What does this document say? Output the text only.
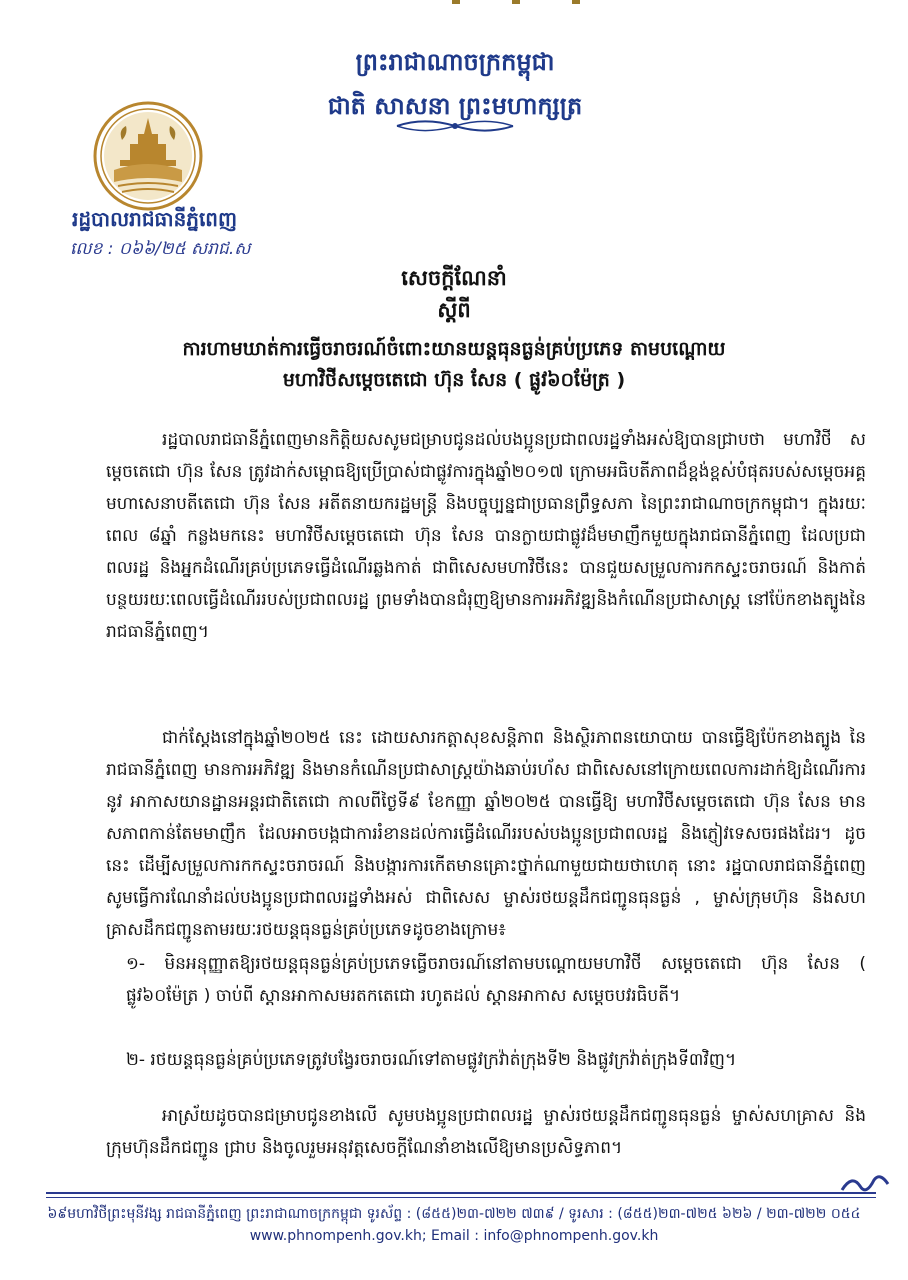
ព្រះរាជាណាចក្រកម្ពុជា
ជាតិ សាសនា ព្រះមហាក្សត្រ
រដ្ឋបាលរាជធានីភ្នំពេញ
លេខ : ០៦៦/២៥ សរាជ.ស
សេចក្តីណែនាំ
ស្តីពី
ការហាមឃាត់ការធ្វើចរាចរណ៍ចំពោះយានយន្តធុនធ្ងន់គ្រប់ប្រភេទ តាមបណ្តោយ
មហាវិថីសម្តេចតេជោ ហ៊ុន សែន ( ផ្លូវ៦០ម៉ែត្រ )
រដ្ឋបាលរាជធានីភ្នំពេញមានកិត្តិយសសូមជម្រាបជូនដល់បងប្អូនប្រជាពលរដ្ឋទាំងអស់ឱ្យបានជ្រាបថា មហាវិថី សម្តេចតេជោ ហ៊ុន សែន ត្រូវដាក់សម្ពោធឱ្យប្រើប្រាស់ជាផ្លូវការក្នុងឆ្នាំ២០១៧ ក្រោមអធិបតីភាពដ៏ខ្ពង់ខ្ពស់បំផុតរបស់សម្តេចអគ្គមហាសេនាបតីតេជោ ហ៊ុន សែន អតីតនាយករដ្ឋមន្ត្រី និងបច្ចុប្បន្នជាប្រធានព្រឹទ្ធសភា នៃព្រះរាជាណាចក្រកម្ពុជា។ ក្នុងរយៈពេល ៨ឆ្នាំ កន្លងមកនេះ មហាវិថីសម្តេចតេជោ ហ៊ុន សែន បានក្លាយជាផ្លូវដ៏មមាញឹកមួយក្នុងរាជធានីភ្នំពេញ ដែលប្រជាពលរដ្ឋ និងអ្នកដំណើរគ្រប់ប្រភេទធ្វើដំណើរឆ្លងកាត់ ជាពិសេសមហាវិថីនេះ បានជួយសម្រួលការកកស្ទះចរាចរណ៍ និងកាត់បន្ថយរយៈពេលធ្វើដំណើររបស់ប្រជាពលរដ្ឋ ព្រមទាំងបានជំរុញឱ្យមានការអភិវឌ្ឍនិងកំណើនប្រជាសាស្ត្រ នៅប៉ែកខាងត្បូងនៃរាជធានីភ្នំពេញ។
ជាក់ស្តែងនៅក្នុងឆ្នាំ២០២៥ នេះ ដោយសារកត្តាសុខសន្តិភាព និងស្ថិរភាពនយោបាយ បានធ្វើឱ្យប៉ែកខាងត្បូង នៃរាជធានីភ្នំពេញ មានការអភិវឌ្ឍ និងមានកំណើនប្រជាសាស្ត្រយ៉ាងឆាប់រហ័ស ជាពិសេសនៅក្រោយពេលការដាក់ឱ្យដំណើរការនូវ អាកាសយានដ្ឋានអន្តរជាតិតេជោ កាលពីថ្ងៃទី៩ ខែកញ្ញា ឆ្នាំ២០២៥ បានធ្វើឱ្យ មហាវិថីសម្តេចតេជោ ហ៊ុន សែន មានសភាពកាន់តែមមាញឹក ដែលអាចបង្កជាការរំខានដល់ការធ្វើដំណើររបស់បងប្អូនប្រជាពលរដ្ឋ និងភ្ញៀវទេសចរផងដែរ។ ដូចនេះ ដើម្បីសម្រួលការកកស្ទះចរាចរណ៍ និងបង្ការការកើតមានគ្រោះថ្នាក់ណាមួយជាយថាហេតុ នោះ រដ្ឋបាលរាជធានីភ្នំពេញ សូមធ្វើការណែនាំដល់បងប្អូនប្រជាពលរដ្ឋទាំងអស់ ជាពិសេស ម្ចាស់រថយន្តដឹកជញ្ជូនធុនធ្ងន់ , ម្ចាស់ក្រុមហ៊ុន និងសហគ្រាសដឹកជញ្ជូនតាមរយៈរថយន្តធុនធ្ងន់គ្រប់ប្រភេទដូចខាងក្រោម៖
១- មិនអនុញ្ញាតឱ្យរថយន្តធុនធ្ងន់គ្រប់ប្រភេទធ្វើចរាចរណ៍នៅតាមបណ្តោយមហាវិថី សម្តេចតេជោ ហ៊ុន សែន ( ផ្លូវ៦០ម៉ែត្រ ) ចាប់ពី ស្តានអាកាសមរតកតេជោ រហូតដល់ ស្តានអាកាស សម្តេចបវរធិបតី។
២- រថយន្តធុនធ្ងន់គ្រប់ប្រភេទត្រូវបង្វែរចរាចរណ៍ទៅតាមផ្លូវក្រវ៉ាត់ក្រុងទី២ និងផ្លូវក្រវ៉ាត់ក្រុងទី៣វិញ។
អាស្រ័យដូចបានជម្រាបជូនខាងលើ សូមបងប្អូនប្រជាពលរដ្ឋ ម្ចាស់រថយន្តដឹកជញ្ជូនធុនធ្ងន់ ម្ចាស់សហគ្រាស និងក្រុមហ៊ុនដឹកជញ្ជូន ជ្រាប និងចូលរួមអនុវត្តសេចក្តីណែនាំខាងលើឱ្យមានប្រសិទ្ធភាព។
៦៩មហាវិថីព្រះមុនីវង្ស រាជធានីភ្នំពេញ ព្រះរាជាណាចក្រកម្ពុជា ទូរស័ព្ទ : (៨៥៥)២៣-៧២២ ៧៣៩ / ទូរសារ : (៨៥៥)២៣-៧២៥ ៦២៦ / ២៣-៧២២ ០៥៤
www.phnompenh.gov.kh; Email : info@phnompenh.gov.kh
